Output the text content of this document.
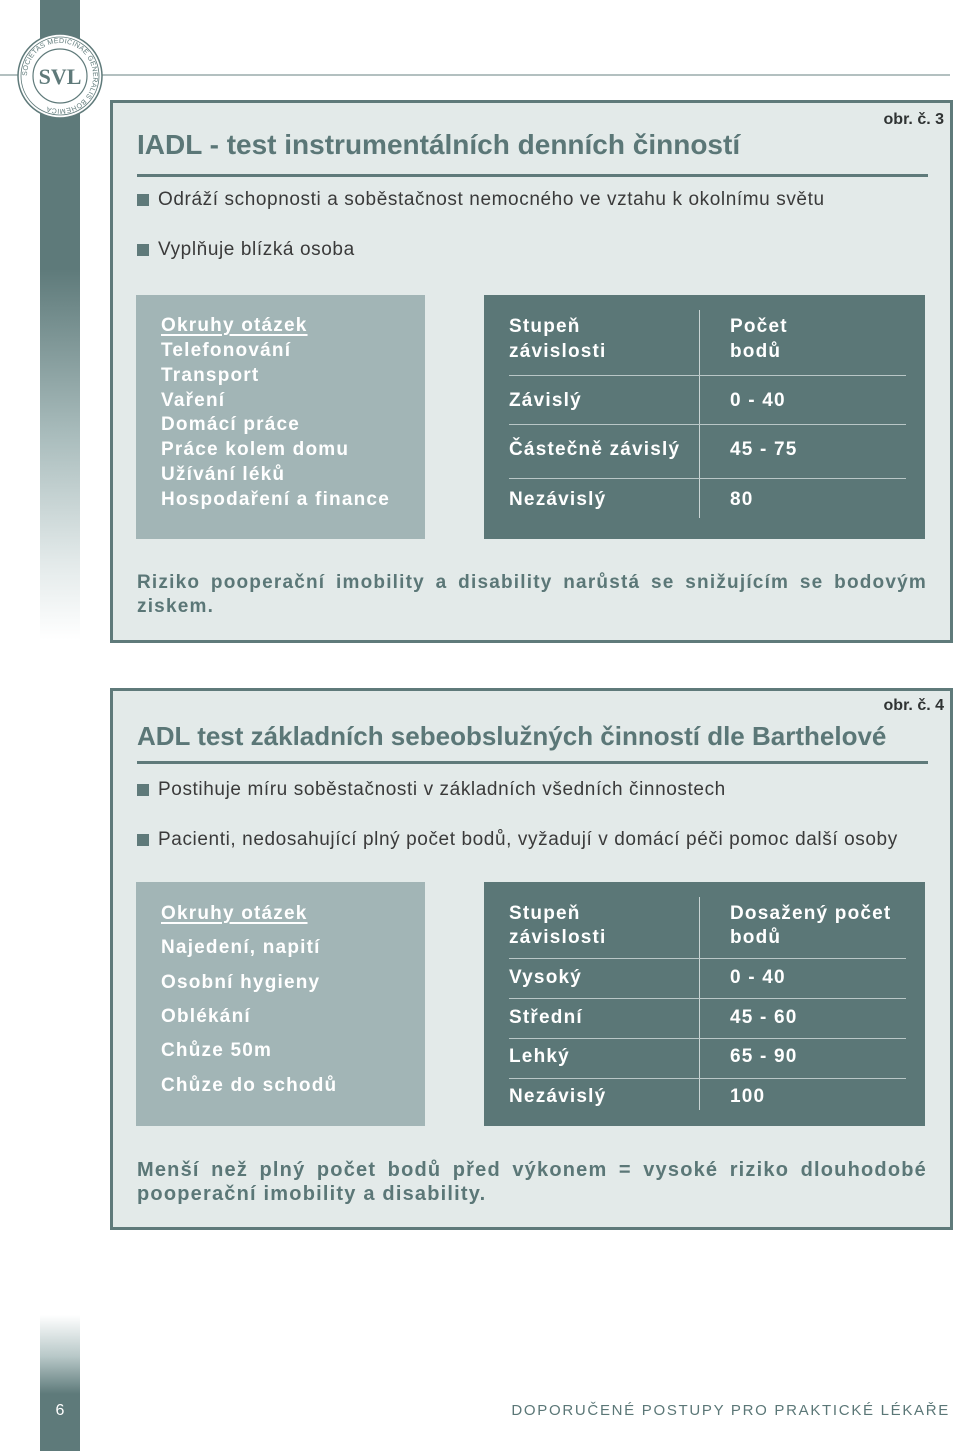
SOCIETAS MEDICINAE GENERALIS BOHEMICA
SVL
obr. č. 3
IADL - test instrumentálních denních činností
Odráží schopnosti a soběstačnost nemocného ve vztahu k okolnímu světu
Vyplňuje blízká osoba
Okruhy otázek
Telefonování
Transport
Vaření
Domácí práce
Práce kolem domu
Užívání léků
Hospodaření a finance
Stupeň závislosti
Počet bodů
Závislý	0 - 40
Částečně závislý	45 - 75
Nezávislý	80

Riziko pooperační imobility a disability narůstá se snižujícím se bodovým ziskem.

obr. č. 4
ADL test základních sebeobslužných činností dle Barthelové
Postihuje míru soběstačnosti v základních všedních činnostech
Pacienti, nedosahující plný počet bodů, vyžadují v domácí péči pomoc další osoby
Okruhy otázek
Najedení, napití
Osobní hygieny
Oblékání
Chůze 50m
Chůze do schodů
Stupeň závislosti
Dosažený počet bodů
Vysoký	0 - 40
Střední	45 - 60
Lehký	65 - 90
Nezávislý	100

Menší než plný počet bodů před výkonem = vysoké riziko dlouhodobé pooperační imobility a disability.

6	DOPORUČENÉ POSTUPY PRO PRAKTICKÉ LÉKAŘE
